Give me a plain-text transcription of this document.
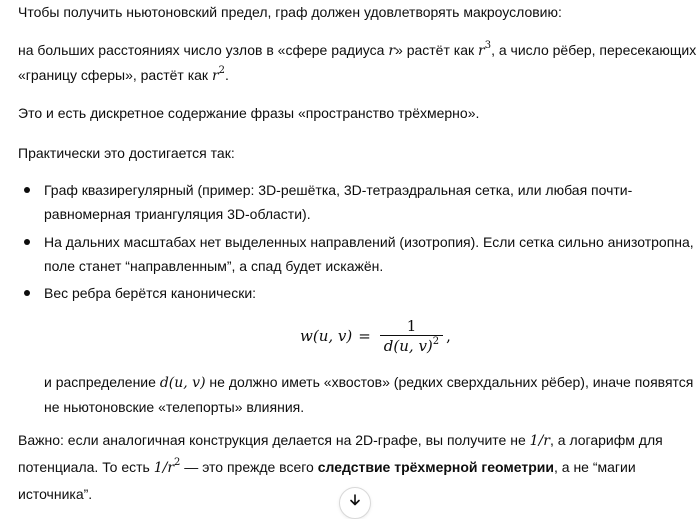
Чтобы получить ньютоновский предел, граф должен удовлетворять макроусловию:

на больших расстояниях число узлов в «сфере радиуса r» растёт как $r^3$, а число рёбер, пересекающих «границу сферы», растёт как $r^2$.

Это и есть дискретное содержание фразы «пространство трёхмерно».

Практически это достигается так:

Граф квазирегулярный (пример: 3D-решётка, 3D-тетраэдральная сетка, или любая почти-равномерная триангуляция 3D-области).
На дальних масштабах нет выделенных направлений (изотропия). Если сетка сильно анизотропна, поле станет “направленным”, а спад будет искажён.
Вес ребра берётся канонически:
w(u, $v) = \frac{1}{d(u, v)^2}$ ,

и распределение d(u, v) не должно иметь «хвостов» (редких сверхдальних рёбер), иначе появятся не ньютоновские «телепорты» влияния.

Важно: если аналогичная конструкция делается на 2D-графе, вы получите не 1/r, а логарифм для потенциала. То есть $1/r^2$ — это прежде всего следствие трёхмерной геометрии, а не “магии источника”.
